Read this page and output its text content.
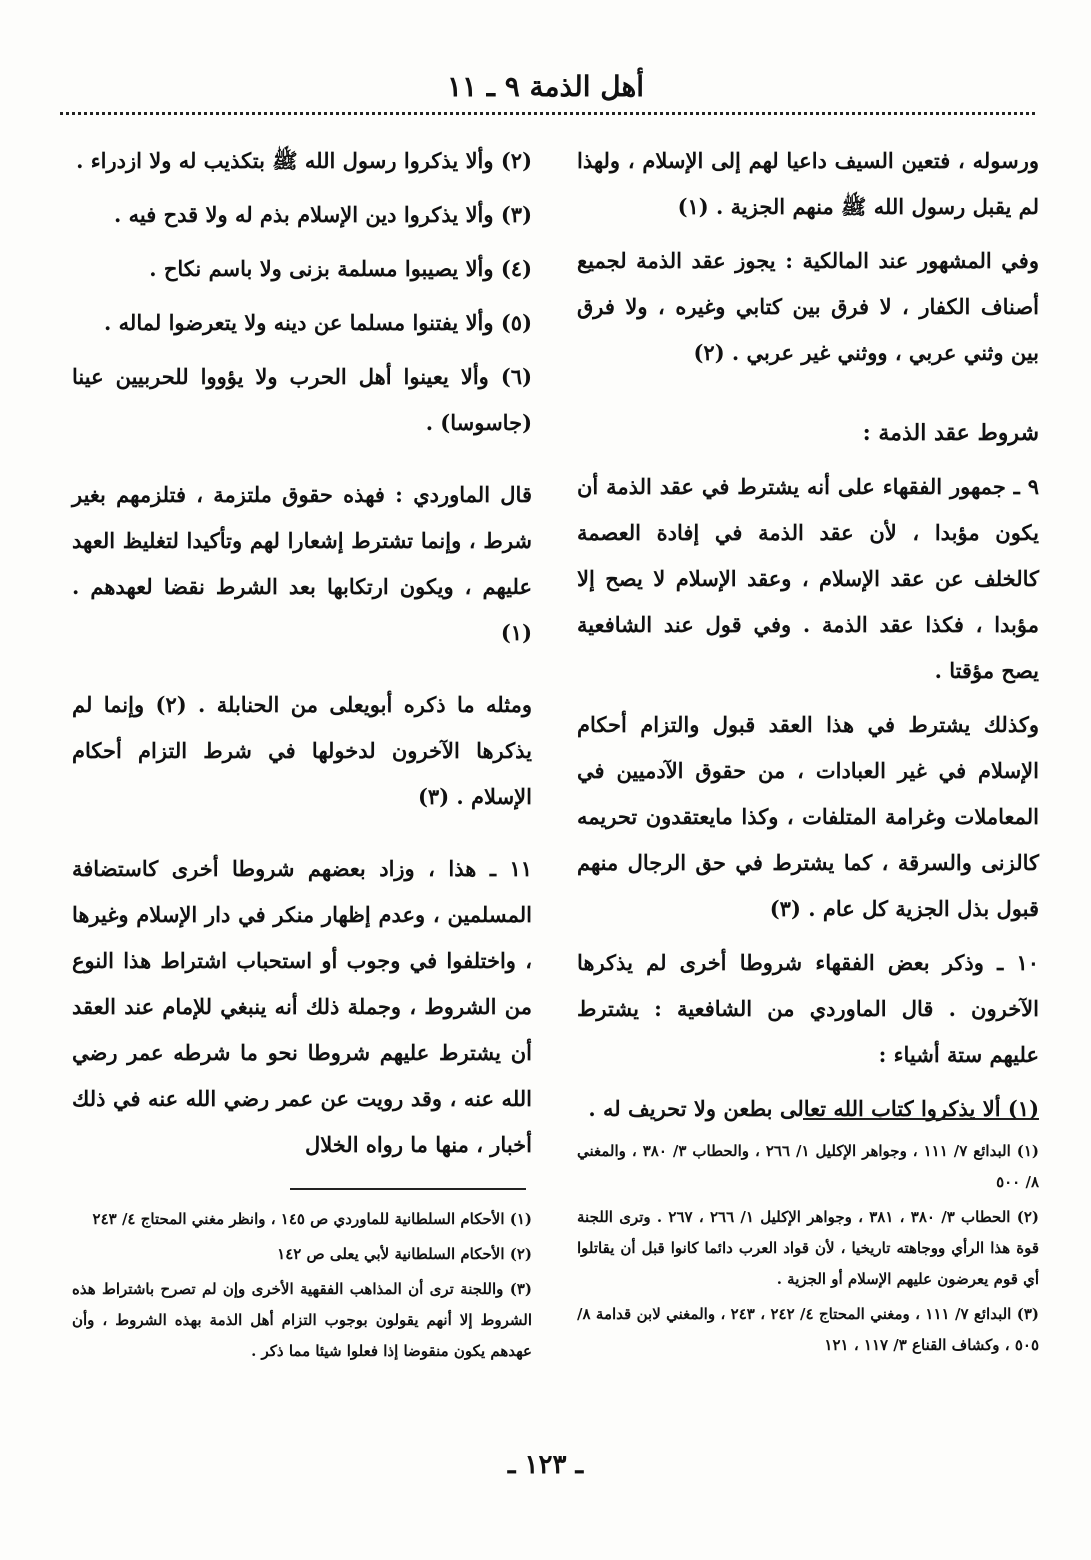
أهل الذمة ٩ ـ ١١

ورسوله ، فتعين السيف داعيا لهم إلى الإسلام ، ولهذا لم يقبل رسول الله ﷺ منهم الجزية . (١)

وفي المشهور عند المالكية : يجوز عقد الذمة لجميع أصناف الكفار ، لا فرق بين كتابي وغيره ، ولا فرق بين وثني عربي ، ووثني غير عربي . (٢)

شروط عقد الذمة :

٩ ـ جمهور الفقهاء على أنه يشترط في عقد الذمة أن يكون مؤبدا ، لأن عقد الذمة في إفادة العصمة كالخلف عن عقد الإسلام ، وعقد الإسلام لا يصح إلا مؤبدا ، فكذا عقد الذمة . وفي قول عند الشافعية يصح مؤقتا .

وكذلك يشترط في هذا العقد قبول والتزام أحكام الإسلام في غير العبادات ، من حقوق الآدميين في المعاملات وغرامة المتلفات ، وكذا مايعتقدون تحريمه كالزنى والسرقة ، كما يشترط في حق الرجال منهم قبول بذل الجزية كل عام . (٣)

١٠ ـ وذكر بعض الفقهاء شروطا أخرى لم يذكرها الآخرون . قال الماوردي من الشافعية : يشترط عليهم ستة أشياء :

(١) ألا يذكروا كتاب الله تعالى بطعن ولا تحريف له .

(٢) وألا يذكروا رسول الله ﷺ بتكذيب له ولا ازدراء .

(٣) وألا يذكروا دين الإسلام بذم له ولا قدح فيه .

(٤) وألا يصيبوا مسلمة بزنى ولا باسم نكاح .

(٥) وألا يفتنوا مسلما عن دينه ولا يتعرضوا لماله .

(٦) وألا يعينوا أهل الحرب ولا يؤووا للحربيين عينا (جاسوسا) .

قال الماوردي : فهذه حقوق ملتزمة ، فتلزمهم بغير شرط ، وإنما تشترط إشعارا لهم وتأكيدا لتغليظ العهد عليهم ، ويكون ارتكابها بعد الشرط نقضا لعهدهم . (١)

ومثله ما ذكره أبويعلى من الحنابلة . (٢) وإنما لم يذكرها الآخرون لدخولها في شرط التزام أحكام الإسلام . (٣)

١١ ـ هذا ، وزاد بعضهم شروطا أخرى كاستضافة المسلمين ، وعدم إظهار منكر في دار الإسلام وغيرها ، واختلفوا في وجوب أو استحباب اشتراط هذا النوع من الشروط ، وجملة ذلك أنه ينبغي للإمام عند العقد أن يشترط عليهم شروطا نحو ما شرطه عمر رضي الله عنه ، وقد رويت عن عمر رضي الله عنه في ذلك أخبار ، منها ما رواه الخلال	(١) البدائع ٧/ ١١١ ، وجواهر الإكليل ١/ ٢٦٦ ، والحطاب ٣/ ٣٨٠ ، والمغني ٨/ ٥٠٠

(٢) الحطاب ٣/ ٣٨٠ ، ٣٨١ ، وجواهر الإكليل ١/ ٢٦٦ ، ٢٦٧ . وترى اللجنة قوة هذا الرأي ووجاهته تاريخيا ، لأن قواد العرب دائما كانوا قبل أن يقاتلوا أي قوم يعرضون عليهم الإسلام أو الجزية .

(٣) البدائع ٧/ ١١١ ، ومغني المحتاج ٤/ ٢٤٢ ، ٢٤٣ ، والمغني لابن قدامة ٨/ ٥٠٥ ، وكشاف القناع ٣/ ١١٧ ، ١٢١

(١) الأحكام السلطانية للماوردي ص ١٤٥ ، وانظر مغني المحتاج ٤/ ٢٤٣

(٢) الأحكام السلطانية لأبي يعلى ص ١٤٢

(٣) واللجنة ترى أن المذاهب الفقهية الأخرى وإن لم تصرح باشتراط هذه الشروط إلا أنهم يقولون بوجوب التزام أهل الذمة بهذه الشروط ، وأن عهدهم يكون منقوضا إذا فعلوا شيئا مما ذكر .

ـ ١٢٣ ـ
